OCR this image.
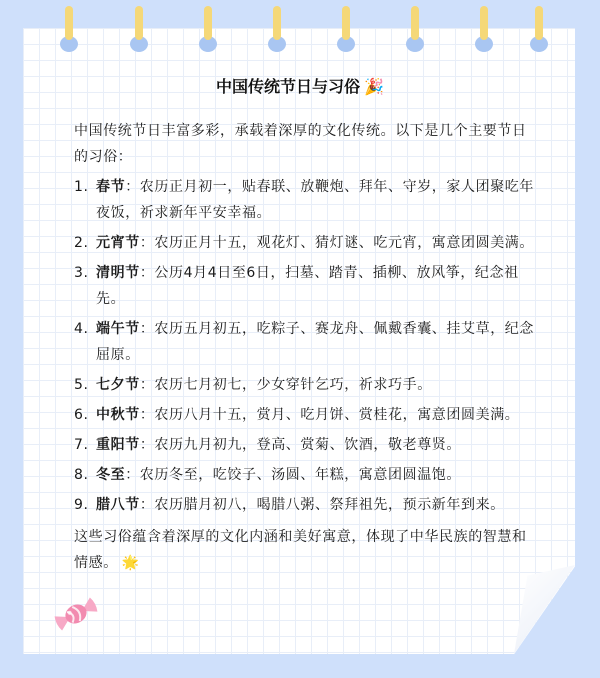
中国传统节日与习俗 🎉

中国传统节日丰富多彩，承载着深厚的文化传统。以下是几个主要节日的习俗：

1. 春节：农历正月初一，贴春联、放鞭炮、拜年、守岁，家人团聚吃年夜饭，祈求新年平安幸福。
2. 元宵节：农历正月十五，观花灯、猜灯谜、吃元宵，寓意团圆美满。
3. 清明节：公历4月4日至6日，扫墓、踏青、插柳、放风筝，纪念祖先。
4. 端午节：农历五月初五，吃粽子、赛龙舟、佩戴香囊、挂艾草，纪念屈原。
5. 七夕节：农历七月初七，少女穿针乞巧，祈求巧手。
6. 中秋节：农历八月十五，赏月、吃月饼、赏桂花，寓意团圆美满。
7. 重阳节：农历九月初九，登高、赏菊、饮酒，敬老尊贤。
8. 冬至：农历冬至，吃饺子、汤圆、年糕，寓意团圆温饱。
9. 腊八节：农历腊月初八，喝腊八粥、祭拜祖先，预示新年到来。

这些习俗蕴含着深厚的文化内涵和美好寓意，体现了中华民族的智慧和情感。 🌟
